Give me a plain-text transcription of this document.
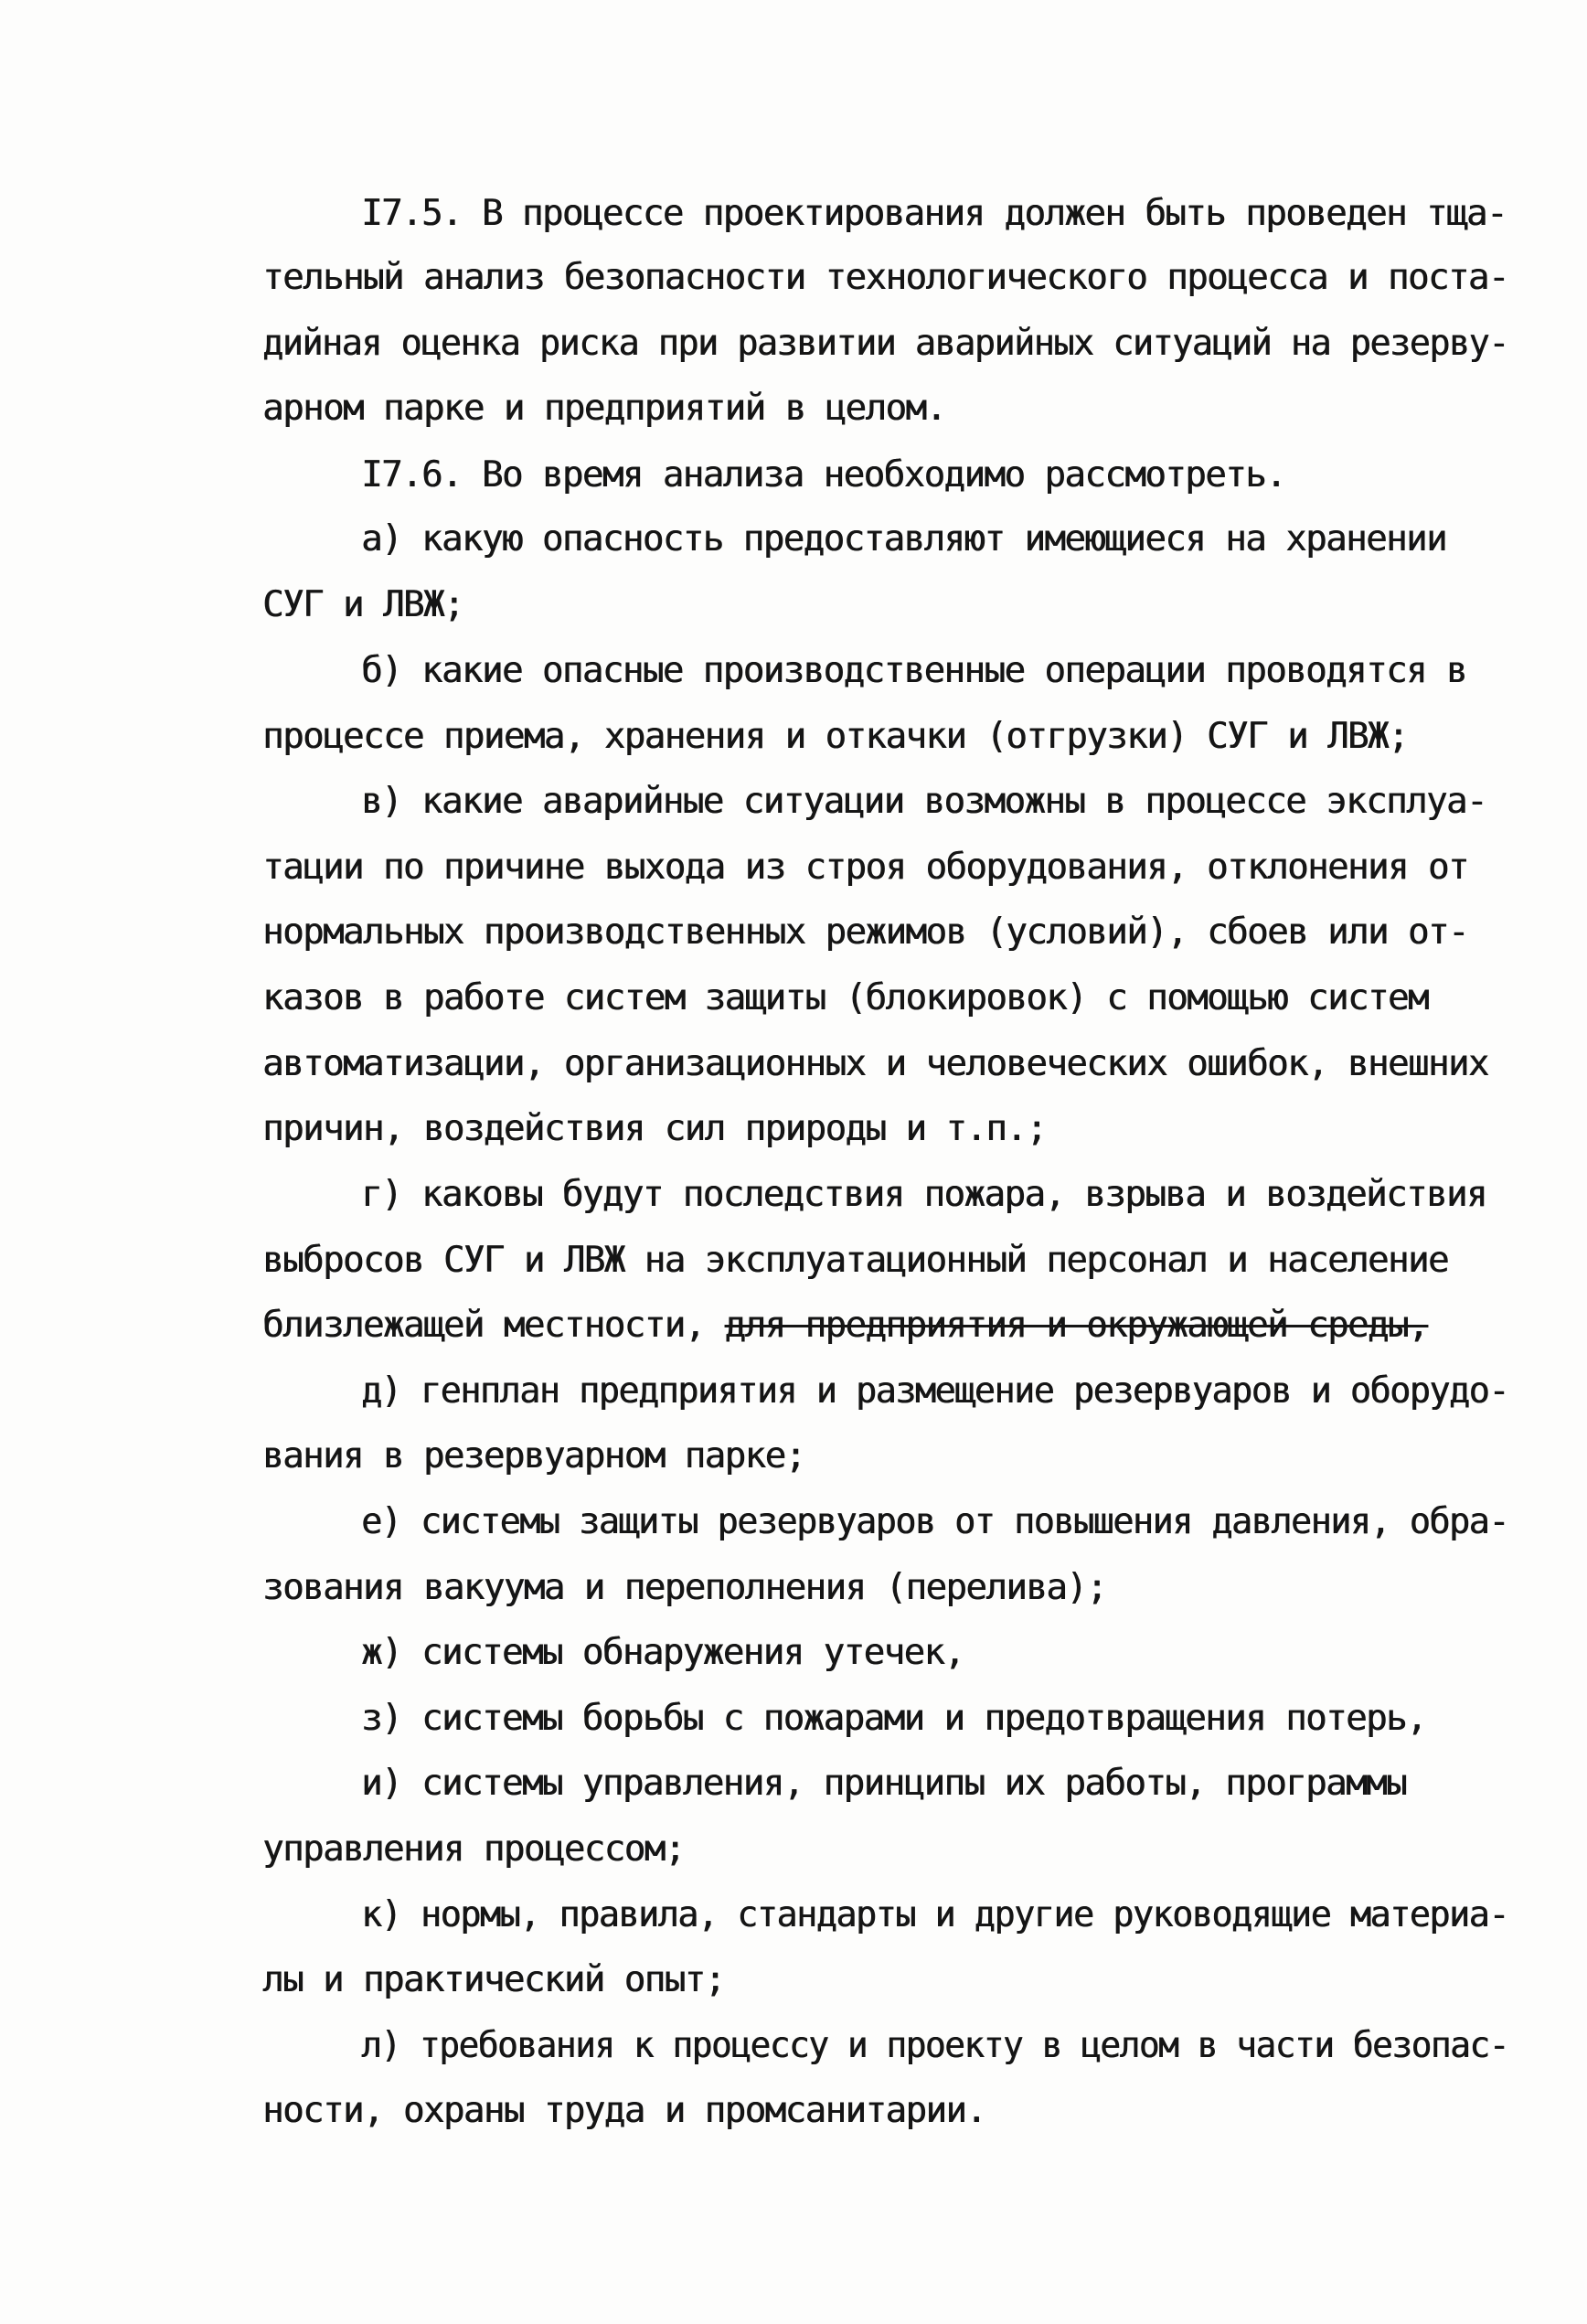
I7.5. В процессе проектирования должен быть проведен тща-
тельный анализ безопасности технологического процесса и поста-
дийная оценка риска при развитии аварийных ситуаций на резервy-
арном парке и предприятий в целом.
I7.6. Во время анализа необходимо рассмотреть.
а) какую опасность предоставляют имеющиеся на хранении
СУГ и ЛВЖ;
б) какие опасные производственные операции проводятся в
процессе приема, хранения и откачки (отгрузки) СУГ и ЛВЖ;
в) какие аварийные ситуации возможны в процессе эксплуа-
тации по причине выхода из строя оборудования, отклонения от
нормальных производственных режимов (условий), сбоев или от-
казов в работе систем защиты (блокировок) с помощью систем
автоматизации, организационных и человеческих ошибок, внешних
причин, воздействия сил природы и т.п.;
г) каковы будут последствия пожара, взрыва и воздействия
выбросов СУГ и ЛВЖ на эксплуатационный персонал и население
близлежащей местности, для предприятия и окружающей среды,
д) генплан предприятия и размещение резервуаров и оборудо-
вания в резервуарном парке;
е) системы защиты резервуаров от повышения давления, обра-
зования вакуума и переполнения (перелива);
ж) системы обнаружения утечек,
з) системы борьбы с пожарами и предотвращения потерь,
и) системы управления, принципы их работы, программы
управления процессом;
к) нормы, правила, стандарты и другие руководящие материа-
лы и практический опыт;
л) требования к процессу и проекту в целом в части безопас-
ности, охраны труда и промсанитарии.
